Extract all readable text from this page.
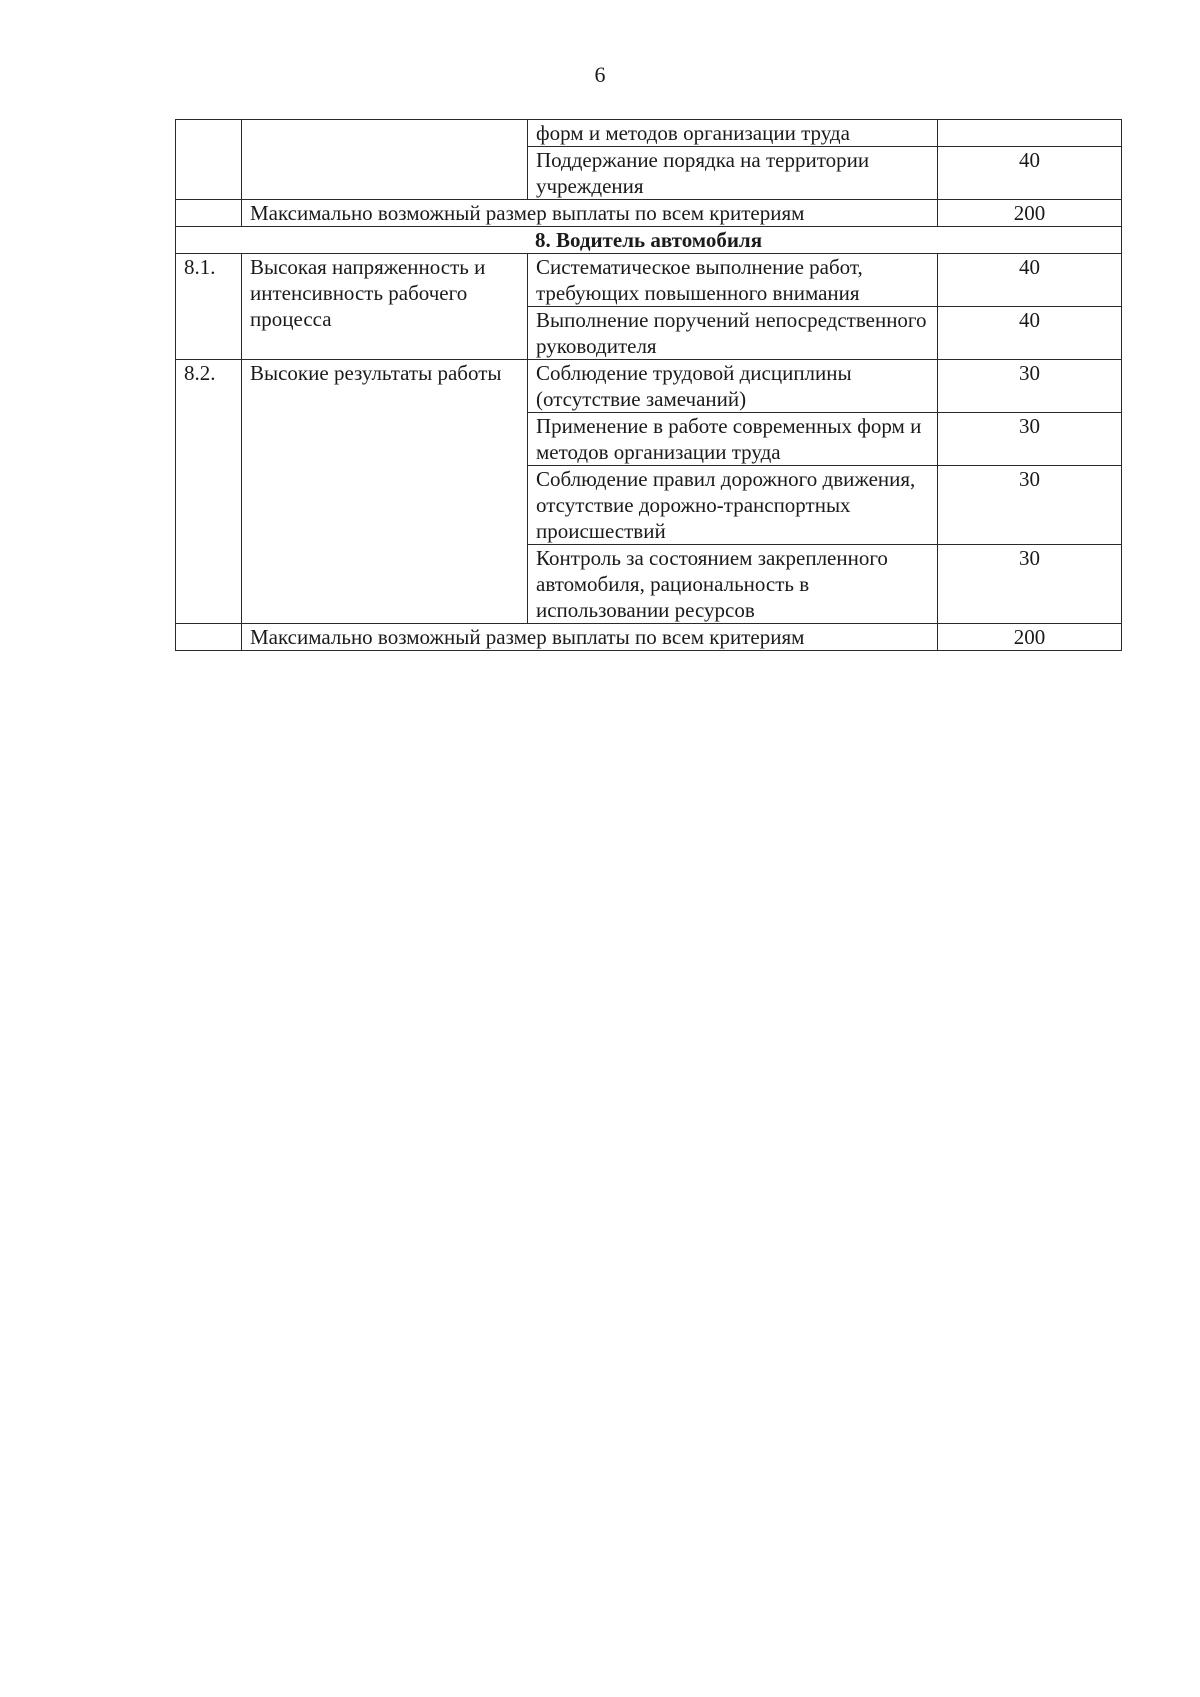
6
		форм и методов организации труда	
		Поддержание порядка на территории учреждения	40
	Максимально возможный размер выплаты по всем критериям		200
8. Водитель автомобиля			
8.1.	Высокая напряженность и интенсивность рабочего процесса	Систематическое выполнение работ, требующих повышенного внимания	40
		Выполнение поручений непосредственного руководителя	40
8.2.	Высокие результаты работы	Соблюдение трудовой дисциплины (отсутствие замечаний)	30
		Применение в работе современных форм и методов организации труда	30
		Соблюдение правил дорожного движения, отсутствие дорожно-транспортных происшествий	30
		Контроль за состоянием закрепленного автомобиля, рациональность в использовании ресурсов	30
	Максимально возможный размер выплаты по всем критериям		200
